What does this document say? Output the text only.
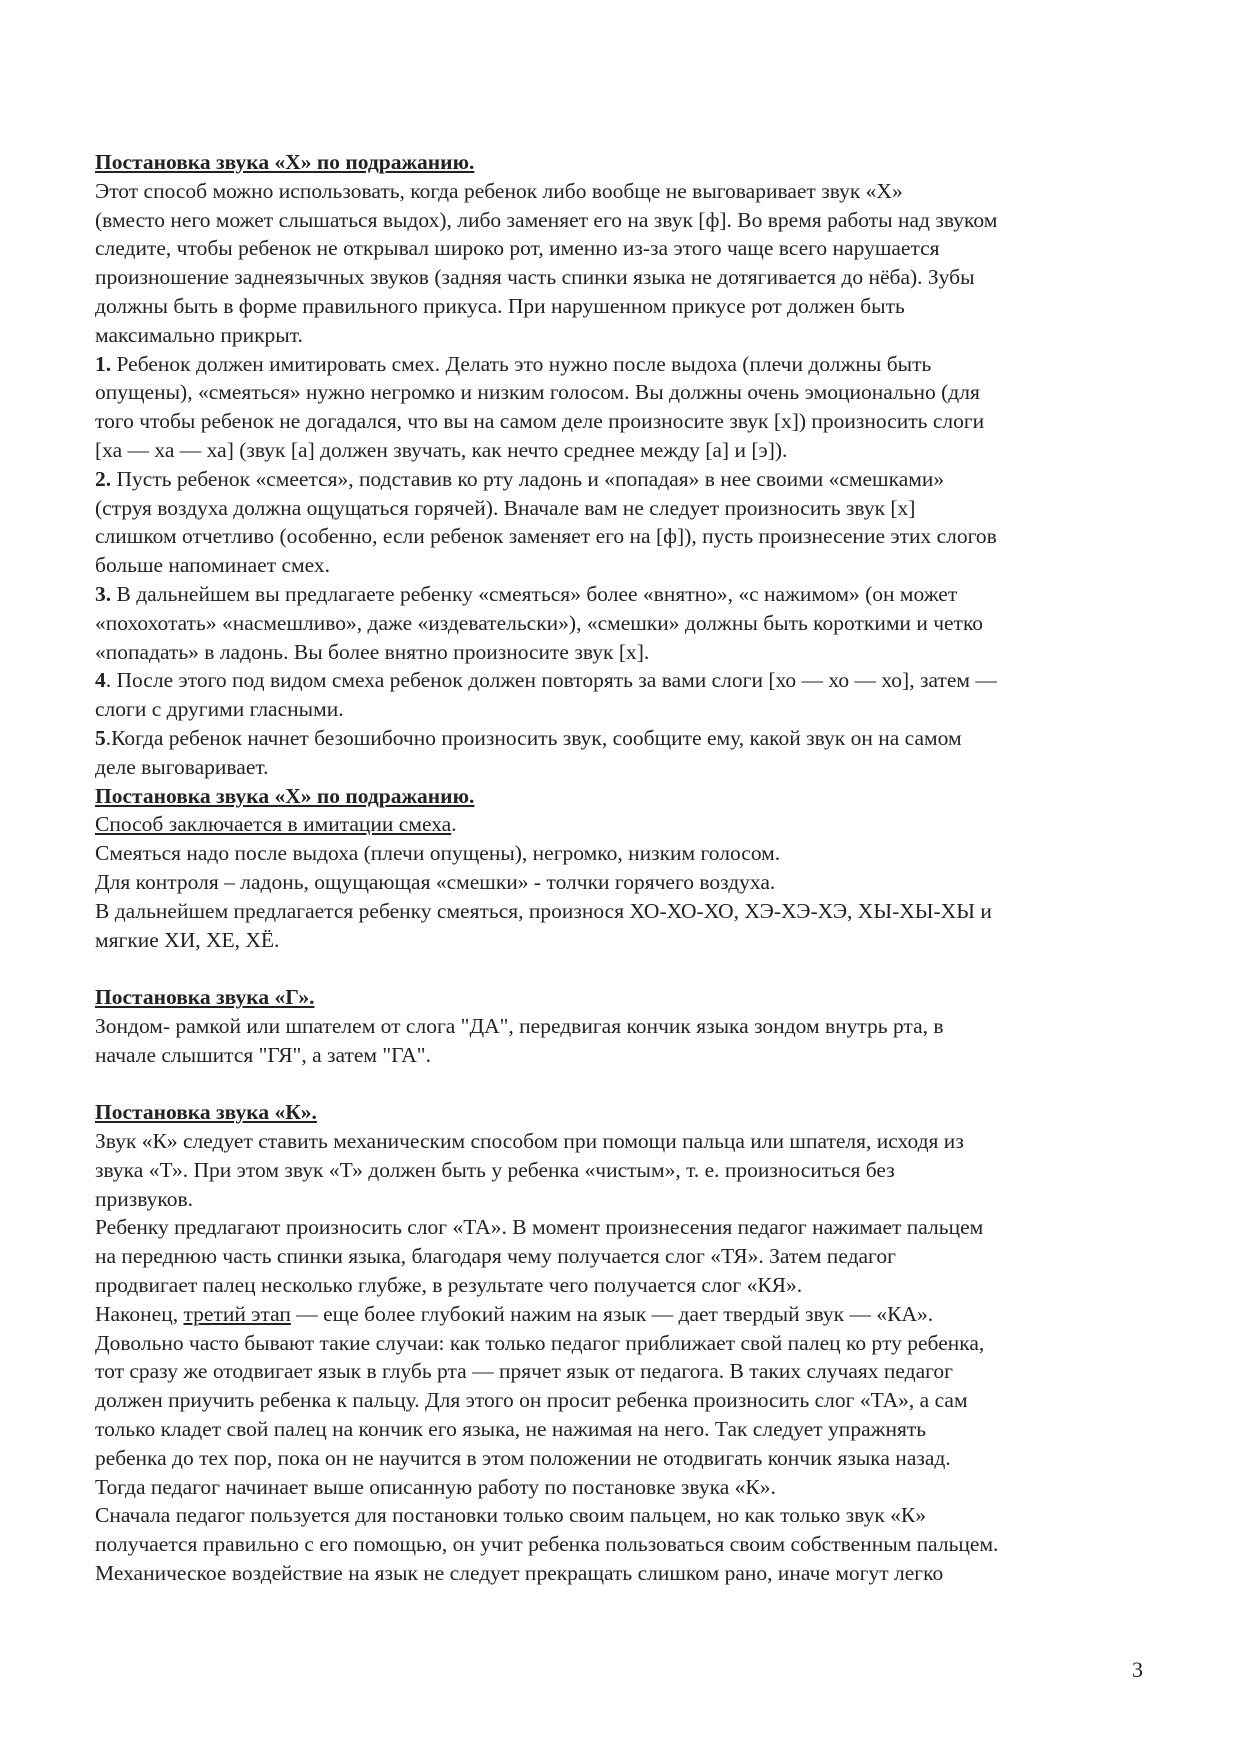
Постановка звука «Х» по подражанию.
Этот способ можно использовать, когда ребенок либо вообще не выговаривает звук «Х»
(вместо него может слышаться выдох), либо заменяет его на звук [ф]. Во время работы над звуком
следите, чтобы ребенок не открывал широко рот, именно из-за этого чаще всего нарушается
произношение заднеязычных звуков (задняя часть спинки языка не дотягивается до нёба). Зубы
должны быть в форме правильного прикуса. При нарушенном прикусе рот должен быть
максимально прикрыт.
1. Ребенок должен имитировать смех. Делать это нужно после выдоха (плечи должны быть
опущены), «смеяться» нужно негромко и низким голосом. Вы должны очень эмоционально (для
того чтобы ребенок не догадался, что вы на самом деле произносите звук [х]) произносить слоги
[ха — ха — ха] (звук [а] должен звучать, как нечто среднее между [а] и [э]).
2. Пусть ребенок «смеется», подставив ко рту ладонь и «попадая» в нее своими «смешками»
(струя воздуха должна ощущаться горячей). Вначале вам не следует произносить звук [х]
слишком отчетливо (особенно, если ребенок заменяет его на [ф]), пусть произнесение этих слогов
больше напоминает смех.
3. В дальнейшем вы предлагаете ребенку «смеяться» более «внятно», «с нажимом» (он может
«похохотать» «насмешливо», даже «издевательски»), «смешки» должны быть короткими и четко
«попадать» в ладонь. Вы более внятно произносите звук [х].
4. После этого под видом смеха ребенок должен повторять за вами слоги [хо — хо — хо], затем —
слоги с другими гласными.
5.Когда ребенок начнет безошибочно произносить звук, сообщите ему, какой звук он на самом
деле выговаривает.
Постановка звука «Х» по подражанию.
Способ заключается в имитации смеха.
Смеяться надо после выдоха (плечи опущены), негромко, низким голосом.
Для контроля – ладонь, ощущающая «смешки» - толчки горячего воздуха.
В дальнейшем предлагается ребенку смеяться, произнося ХО-ХО-ХО, ХЭ-ХЭ-ХЭ, ХЫ-ХЫ-ХЫ и
мягкие ХИ, ХЕ, ХЁ.
Постановка звука «Г».
Зондом- рамкой или шпателем от слога "ДА", передвигая кончик языка зондом внутрь рта, в
начале слышится "ГЯ", а затем "ГА".
Постановка звука «К».
Звук «К» следует ставить механическим способом при помощи пальца или шпателя, исходя из
звука «Т». При этом звук «Т» должен быть у ребенка «чистым», т. е. произноситься без
призвуков.
Ребенку предлагают произносить слог «ТА». В момент произнесения педагог нажимает пальцем
на переднюю часть спинки языка, благодаря чему получается слог «ТЯ». Затем педагог
продвигает палец несколько глубже, в результате чего получается слог «КЯ».
Наконец, третий этап — еще более глубокий нажим на язык — дает твердый звук — «КА».
Довольно часто бывают такие случаи: как только педагог приближает свой палец ко рту ребенка,
тот сразу же отодвигает язык в глубь рта — прячет язык от педагога. В таких случаях педагог
должен приучить ребенка к пальцу. Для этого он просит ребенка произносить слог «ТА», а сам
только кладет свой палец на кончик его языка, не нажимая на него. Так следует упражнять
ребенка до тех пор, пока он не научится в этом положении не отодвигать кончик языка назад.
Тогда педагог начинает выше описанную работу по постановке звука «К».
Сначала педагог пользуется для постановки только своим пальцем, но как только звук «К»
получается правильно с его помощью, он учит ребенка пользоваться своим собственным пальцем.
Механическое воздействие на язык не следует прекращать слишком рано, иначе могут легко
3
